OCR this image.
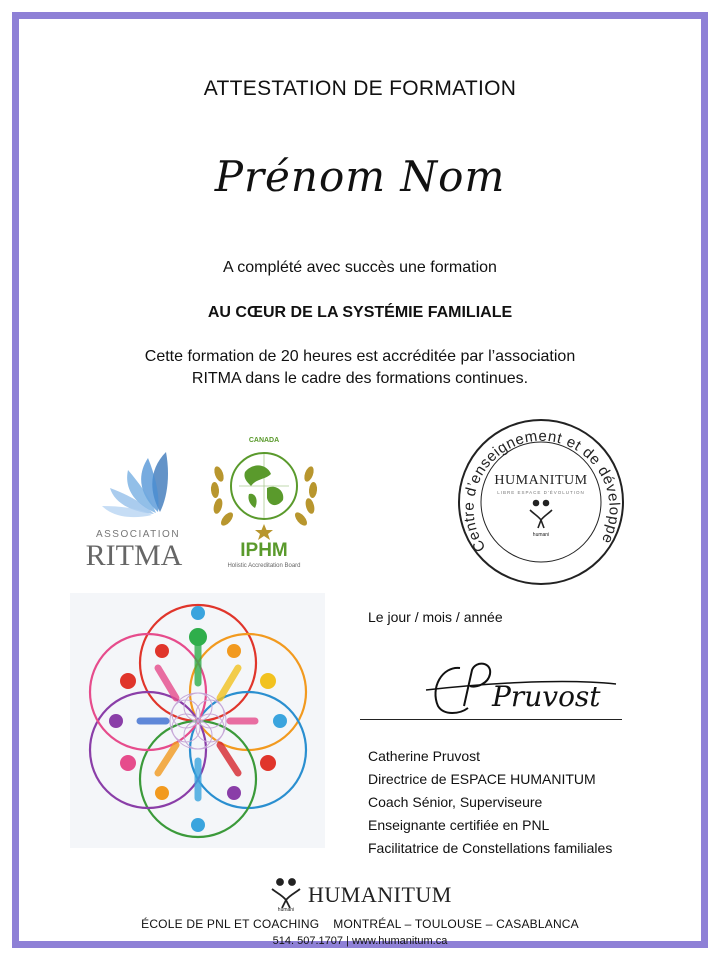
ATTESTATION DE FORMATION
Prénom Nom
A complété avec succès une formation
AU CŒUR DE LA SYSTÉMIE FAMILIALE
Cette formation de 20 heures est accréditée par l’association
RITMA dans le cadre des formations continues.
ASSOCIATION
RITMA
CANADA
IPHM
Holistic Accreditation Board
Centre d’enseignement et de développe
HUMANITUM
LIBRE ESPACE D'ÉVOLUTION
humani
Le jour / mois / année
Pruvost
Catherine Pruvost
Directrice de ESPACE HUMANITUM
Coach Sénior, Superviseure
Enseignante certifiée en PNL
Facilitatrice de Constellations familiales
humani
HUMANITUM
ÉCOLE DE PNL ET COACHING MONTRÉAL – TOULOUSE – CASABLANCA
514. 507.1707 | www.humanitum.ca
